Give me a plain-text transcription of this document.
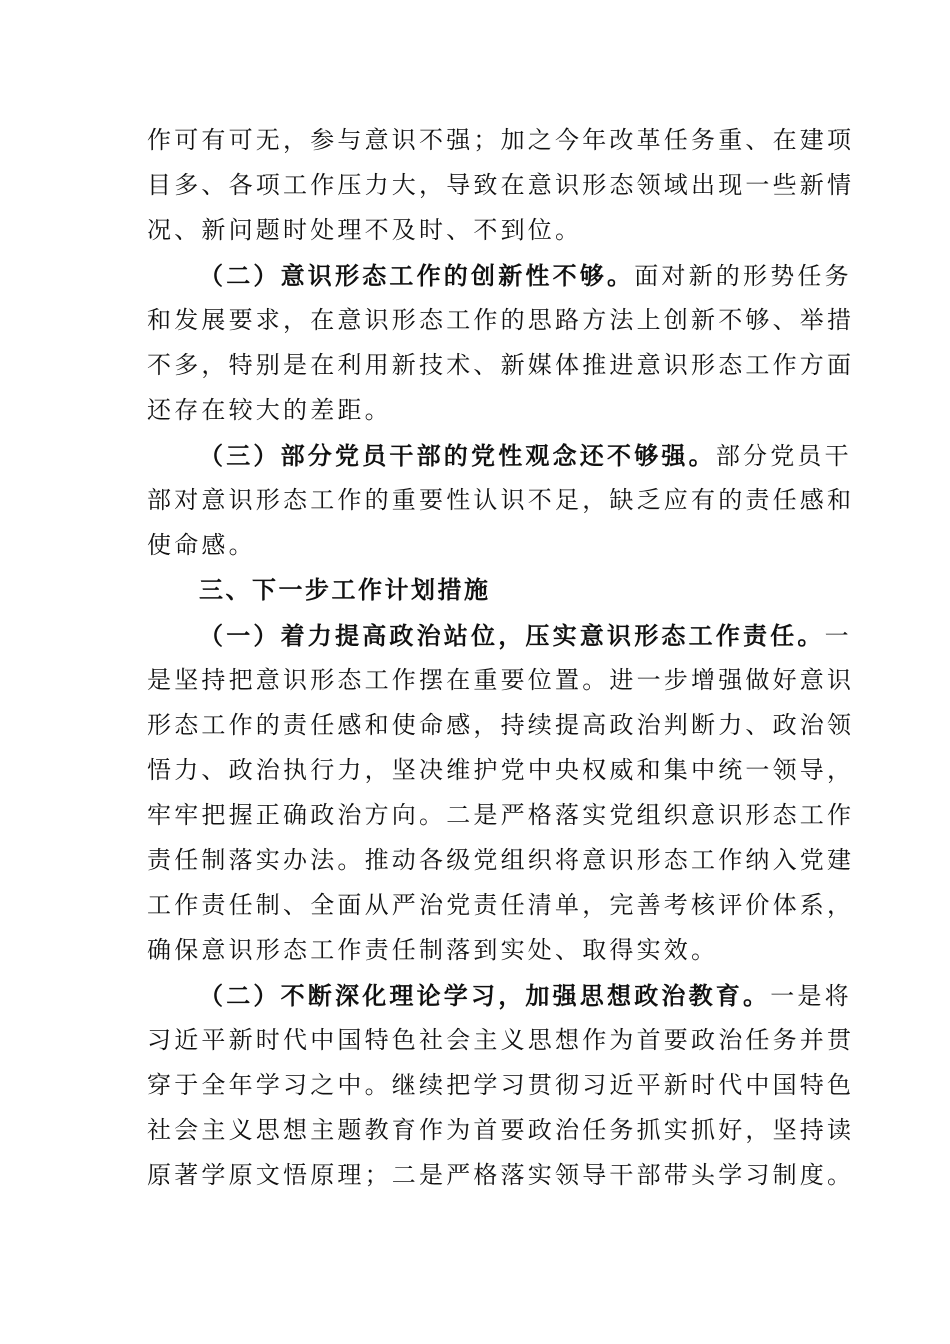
作可有可无，参与意识不强；加之今年改革任务重、在建项

目多、各项工作压力大，导致在意识形态领域出现一些新情

况、新问题时处理不及时、不到位。

（二）意识形态工作的创新性不够。面对新的形势任务

和发展要求，在意识形态工作的思路方法上创新不够、举措

不多，特别是在利用新技术、新媒体推进意识形态工作方面

还存在较大的差距。

（三）部分党员干部的党性观念还不够强。部分党员干

部对意识形态工作的重要性认识不足，缺乏应有的责任感和

使命感。

三、下一步工作计划措施

（一）着力提高政治站位，压实意识形态工作责任。一

是坚持把意识形态工作摆在重要位置。进一步增强做好意识

形态工作的责任感和使命感，持续提高政治判断力、政治领

悟力、政治执行力，坚决维护党中央权威和集中统一领导，

牢牢把握正确政治方向。二是严格落实党组织意识形态工作

责任制落实办法。推动各级党组织将意识形态工作纳入党建

工作责任制、全面从严治党责任清单，完善考核评价体系，

确保意识形态工作责任制落到实处、取得实效。

（二）不断深化理论学习，加强思想政治教育。一是将

习近平新时代中国特色社会主义思想作为首要政治任务并贯

穿于全年学习之中。继续把学习贯彻习近平新时代中国特色

社会主义思想主题教育作为首要政治任务抓实抓好，坚持读

原著学原文悟原理；二是严格落实领导干部带头学习制度。
